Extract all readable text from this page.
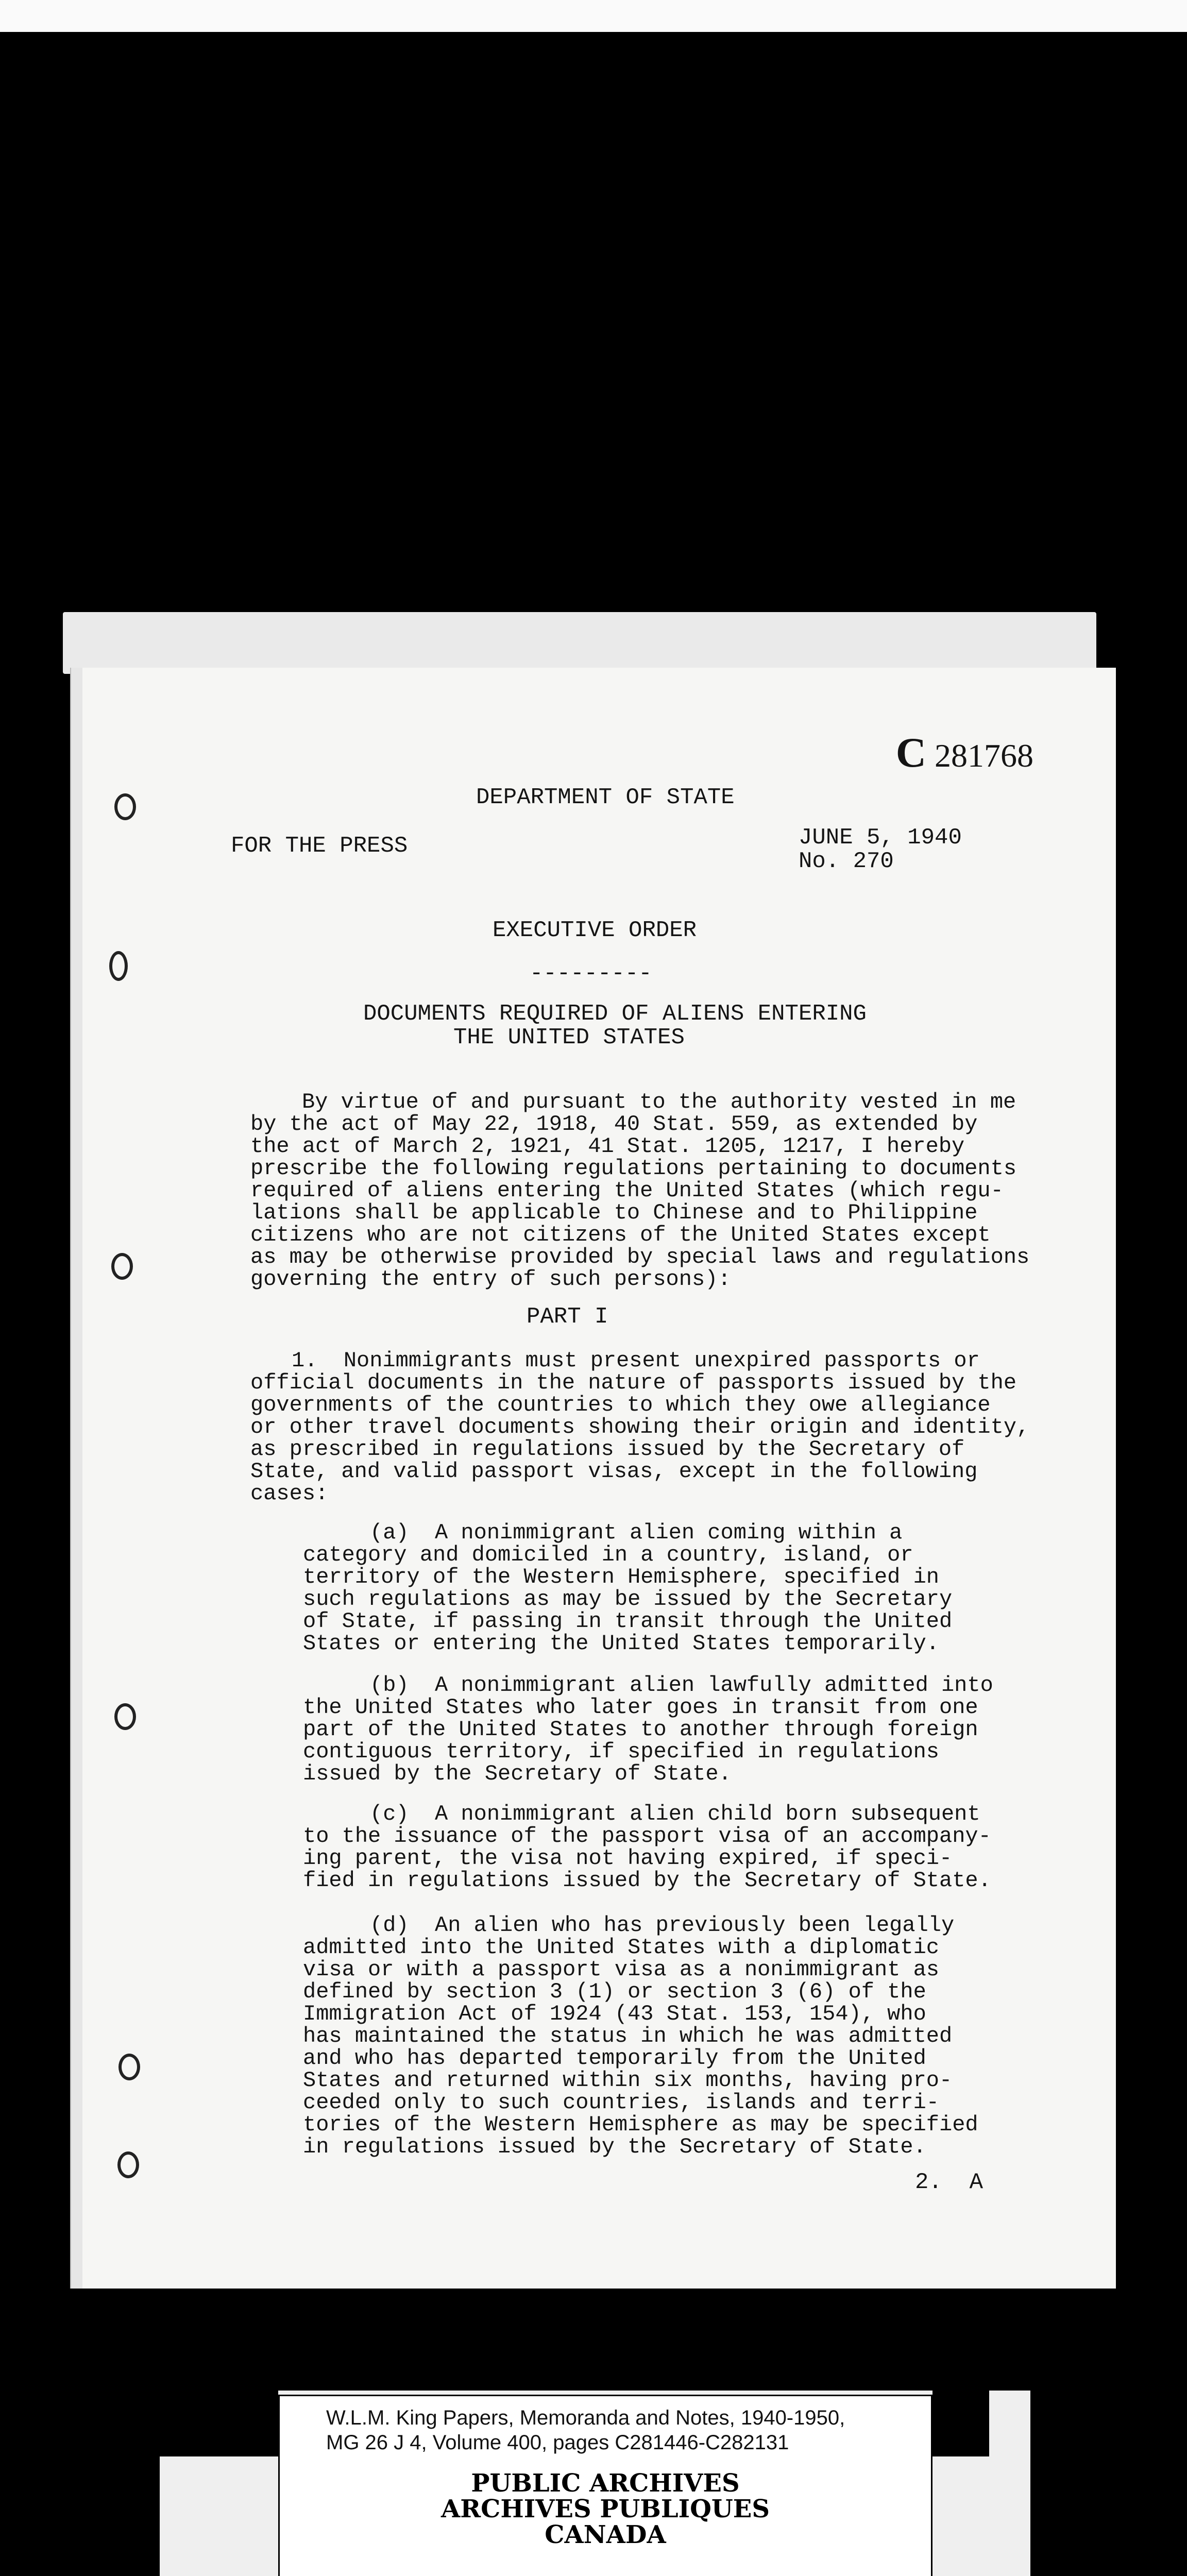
C 281768
DEPARTMENT OF STATE
FOR THE PRESS	JUNE 5, 1940
No. 270
EXECUTIVE ORDER
---------
DOCUMENTS REQUIRED OF ALIENS ENTERING
THE UNITED STATES
By virtue of and pursuant to the authority vested in me
by the act of May 22, 1918, 40 Stat. 559, as extended by
the act of March 2, 1921, 41 Stat. 1205, 1217, I hereby
prescribe the following regulations pertaining to documents
required of aliens entering the United States (which regu-
lations shall be applicable to Chinese and to Philippine
citizens who are not citizens of the United States except
as may be otherwise provided by special laws and regulations
governing the entry of such persons):
PART I
1.  Nonimmigrants must present unexpired passports or
official documents in the nature of passports issued by the
governments of the countries to which they owe allegiance
or other travel documents showing their origin and identity,
as prescribed in regulations issued by the Secretary of
State, and valid passport visas, except in the following
cases:
(a)  A nonimmigrant alien coming within a
category and domiciled in a country, island, or
territory of the Western Hemisphere, specified in
such regulations as may be issued by the Secretary
of State, if passing in transit through the United
States or entering the United States temporarily.
(b)  A nonimmigrant alien lawfully admitted into
the United States who later goes in transit from one
part of the United States to another through foreign
contiguous territory, if specified in regulations
issued by the Secretary of State.
(c)  A nonimmigrant alien child born subsequent
to the issuance of the passport visa of an accompany-
ing parent, the visa not having expired, if speci-
fied in regulations issued by the Secretary of State.
(d)  An alien who has previously been legally
admitted into the United States with a diplomatic
visa or with a passport visa as a nonimmigrant as
defined by section 3 (1) or section 3 (6) of the
Immigration Act of 1924 (43 Stat. 153, 154), who
has maintained the status in which he was admitted
and who has departed temporarily from the United
States and returned within six months, having pro-
ceeded only to such countries, islands and terri-
tories of the Western Hemisphere as may be specified
in regulations issued by the Secretary of State.
2.  A
W.L.M. King Papers, Memoranda and Notes, 1940-1950,
MG 26 J 4, Volume 400, pages C281446-C282131
PUBLIC ARCHIVES
ARCHIVES PUBLIQUES
CANADA
